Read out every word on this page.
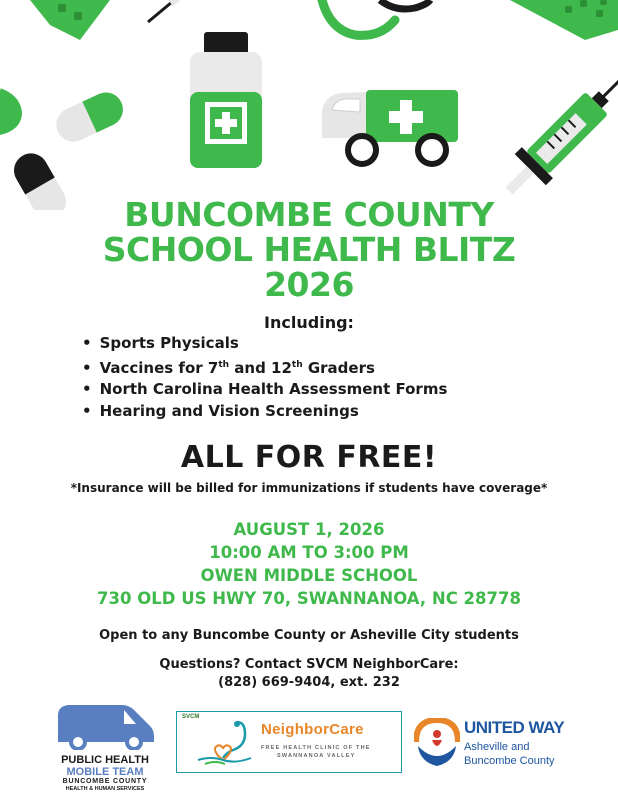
BUNCOMBE COUNTY
SCHOOL HEALTH BLITZ
2026
Including:
• Sports Physicals
• Vaccines for 7th and 12th Graders
• North Carolina Health Assessment Forms
• Hearing and Vision Screenings
ALL FOR FREE!
*Insurance will be billed for immunizations if students have coverage*
AUGUST 1, 2026
10:00 AM TO 3:00 PM
OWEN MIDDLE SCHOOL
730 OLD US HWY 70, SWANNANOA, NC 28778
Open to any Buncombe County or Asheville City students
Questions? Contact SVCM NeighborCare:
(828) 669-9404, ext. 232
PUBLIC HEALTH
MOBILE TEAM
BUNCOMBE COUNTY
HEALTH & HUMAN SERVICES
SVCM
NeighborCare
FREE HEALTH CLINIC OF THE
SWANNANOA VALLEY
UNITED WAY
Asheville and
Buncombe County
